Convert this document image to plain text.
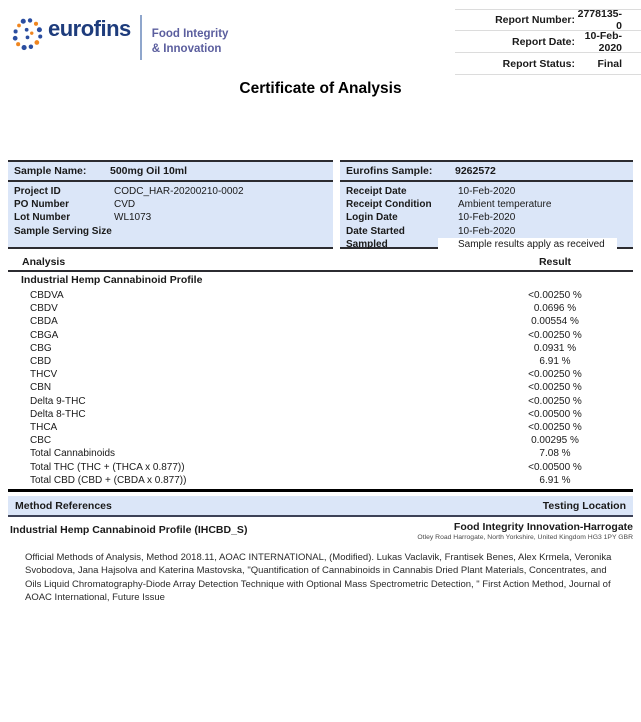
eurofins Food Integrity
& Innovation
Report Number: 2778135-0
Report Date: 10-Feb-2020
Report Status:	Final
Certificate of Analysis
Sample Name:	500mg Oil 10ml
Project ID	CODC_HAR-20200210-0002
PO Number	CVD
Lot Number	WL1073
Sample Serving Size
Eurofins Sample:	9262572
Receipt Date	10-Feb-2020
Receipt Condition	Ambient temperature
Login Date	10-Feb-2020
Date Started	10-Feb-2020
Sampled	Sample results apply as received
Analysis	Result
Industrial Hemp Cannabinoid Profile
CBDVA	<0.00250 %
CBDV	0.0696 %
CBDA	0.00554 %
CBGA	<0.00250 %
CBG	0.0931 %
CBD	6.91 %
THCV	<0.00250 %
CBN	<0.00250 %
Delta 9-THC	<0.00250 %
Delta 8-THC	<0.00500 %
THCA	<0.00250 %
CBC	0.00295 %
Total Cannabinoids	7.08 %
Total THC (THC + (THCA x 0.877))	<0.00500 %
Total CBD (CBD + (CBDA x 0.877))	6.91 %
Method References	Testing Location
Industrial Hemp Cannabinoid Profile (IHCBD_S)	Food Integrity Innovation-Harrogate
Otley Road Harrogate, North Yorkshire, United Kingdom HG3 1PY GBR
Official Methods of Analysis, Method 2018.11, AOAC INTERNATIONAL, (Modified). Lukas Vaclavik, Frantisek Benes, Alex Krmela, Veronika Svobodova, Jana Hajsolva and Katerina Mastovska, "Quantification of Cannabinoids in Cannabis Dried Plant Materials, Concentrates, and Oils Liquid Chromatography-Diode Array Detection Technique with Optional Mass Spectrometric Detection, " First Action Method, Journal of AOAC International, Future Issue
